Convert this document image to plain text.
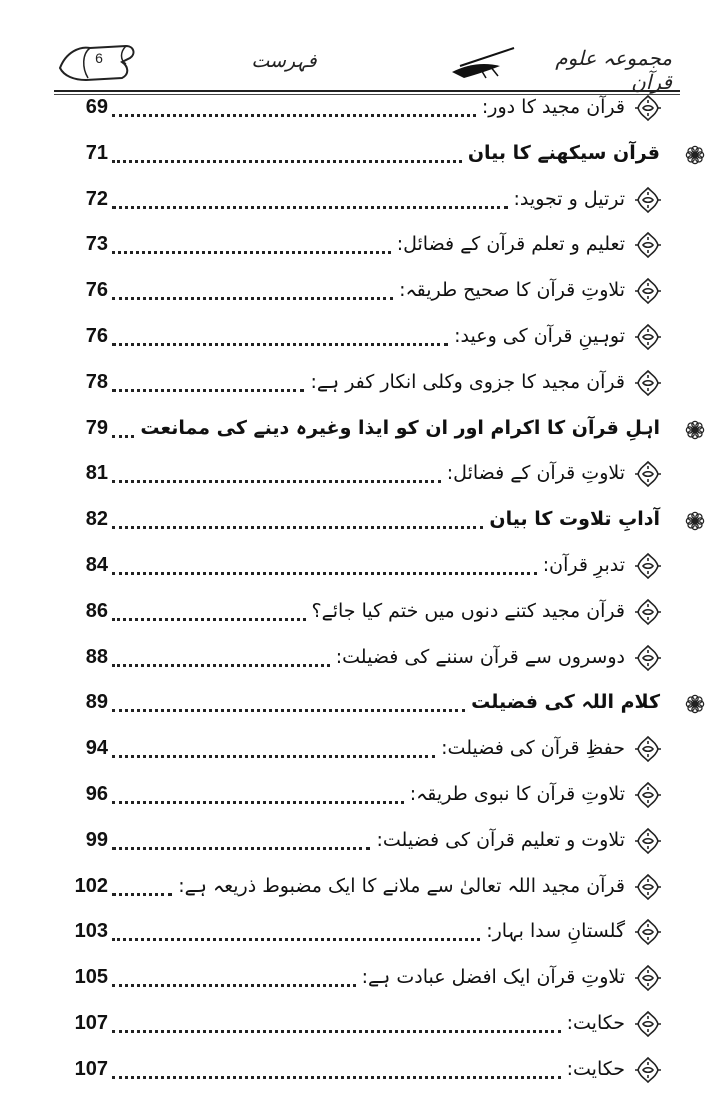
6	فہرست	مجموعہ علوم قرآن
69	قرآن مجید کا دور:
71	قرآن سیکھنے کا بیان
72	ترتیل و تجوید:
73	تعلیم و تعلم قرآن کے فضائل:
76	تلاوتِ قرآن کا صحیح طریقہ:
76	توہینِ قرآن کی وعید:
78	قرآن مجید کا جزوی وکلی انکار کفر ہے:
79 اہلِ قرآن کا اکرام اور ان کو ایذا وغیرہ دینے کی ممانعت
81	تلاوتِ قرآن کے فضائل:
82	آدابِ تلاوت کا بیان
84	تدبرِ قرآن:
86	قرآن مجید کتنے دنوں میں ختم کیا جائے؟
88	دوسروں سے قرآن سننے کی فضیلت:
89	کلام اللہ کی فضیلت
94	حفظِ قرآن کی فضیلت:
96	تلاوتِ قرآن کا نبوی طریقہ:
99	تلاوت و تعلیم قرآن کی فضیلت:
102	قرآن مجید اللہ تعالیٰ سے ملانے کا ایک مضبوط ذریعہ ہے:
103	گلستانِ سدا بہار:
105	تلاوتِ قرآن ایک افضل عبادت ہے:
107	حکایت:
107	حکایت:
